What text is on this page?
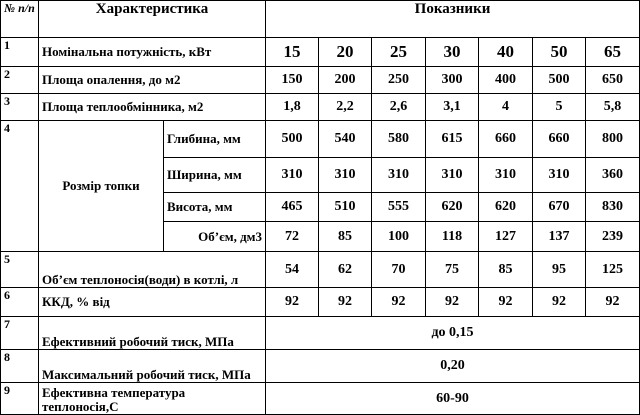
№ п/п	Характеристика		Показники						
1	Номінальна потужність, кВт		15	20	25	30	40	50	65
2	Площа опалення, до м2		150	200	250	300	400	500	650
3	Площа теплообмінника, м2		1,8	2,2	2,6	3,1	4	5	5,8
4	Розмір топки	Глибина, мм	500	540	580	615	660	660	800
		Ширина, мм	310	310	310	310	310	310	360
		Висота, мм	465	510	555	620	620	670	830
		Об’єм, дм3	72	85	100	118	127	137	239
5	Об’єм теплоносія(води) в котлі, л		54	62	70	75	85	95	125
6	ККД, % від		92	92	92	92	92	92	92
7	Ефективний робочий тиск, МПа		до 0,15						
8	Максимальний робочий тиск, МПа		0,20						
9	Ефективна температура теплоносія,С		60-90						
